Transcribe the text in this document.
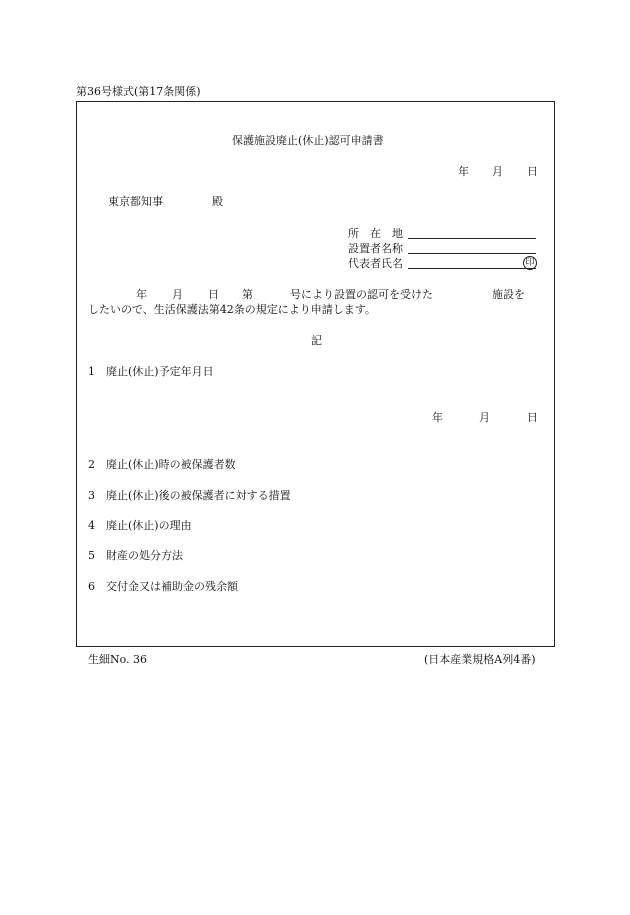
第36号様式(第17条関係)
保護施設廃止(休止)認可申請書
年 月 日
東京都知事	殿
所　在　地
設置者名称
代表者氏名	印
年 月 日 第	号により設置の認可を受けた	施設を
したいので、生活保護法第42条の規定により申請します。
記
1 廃止(休止)予定年月日
年	月	日
2 廃止(休止)時の被保護者数
3 廃止(休止)後の被保護者に対する措置
4 廃止(休止)の理由
5 財産の処分方法
6 交付金又は補助金の残余額
生細No. 36	(日本産業規格A列4番)
